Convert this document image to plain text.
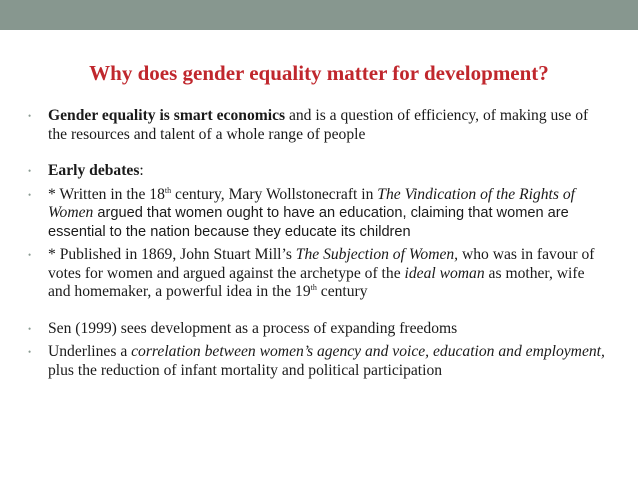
Why does gender equality matter for development?

• Gender equality is smart economics and is a question of efficiency, of making use of the resources and talent of a whole range of people

• Early debates:

• * Written in the 18th century, Mary Wollstonecraft in The Vindication of the Rights of Women argued that women ought to have an education, claiming that women are essential to the nation because they educate its children

• * Published in 1869, John Stuart Mill’s The Subjection of Women, who was in favour of votes for women and argued against the archetype of the ideal woman as mother, wife and homemaker, a powerful idea in the 19th century

• Sen (1999) sees development as a process of expanding freedoms

• Underlines a correlation between women’s agency and voice, education and employment, plus the reduction of infant mortality and political participation
